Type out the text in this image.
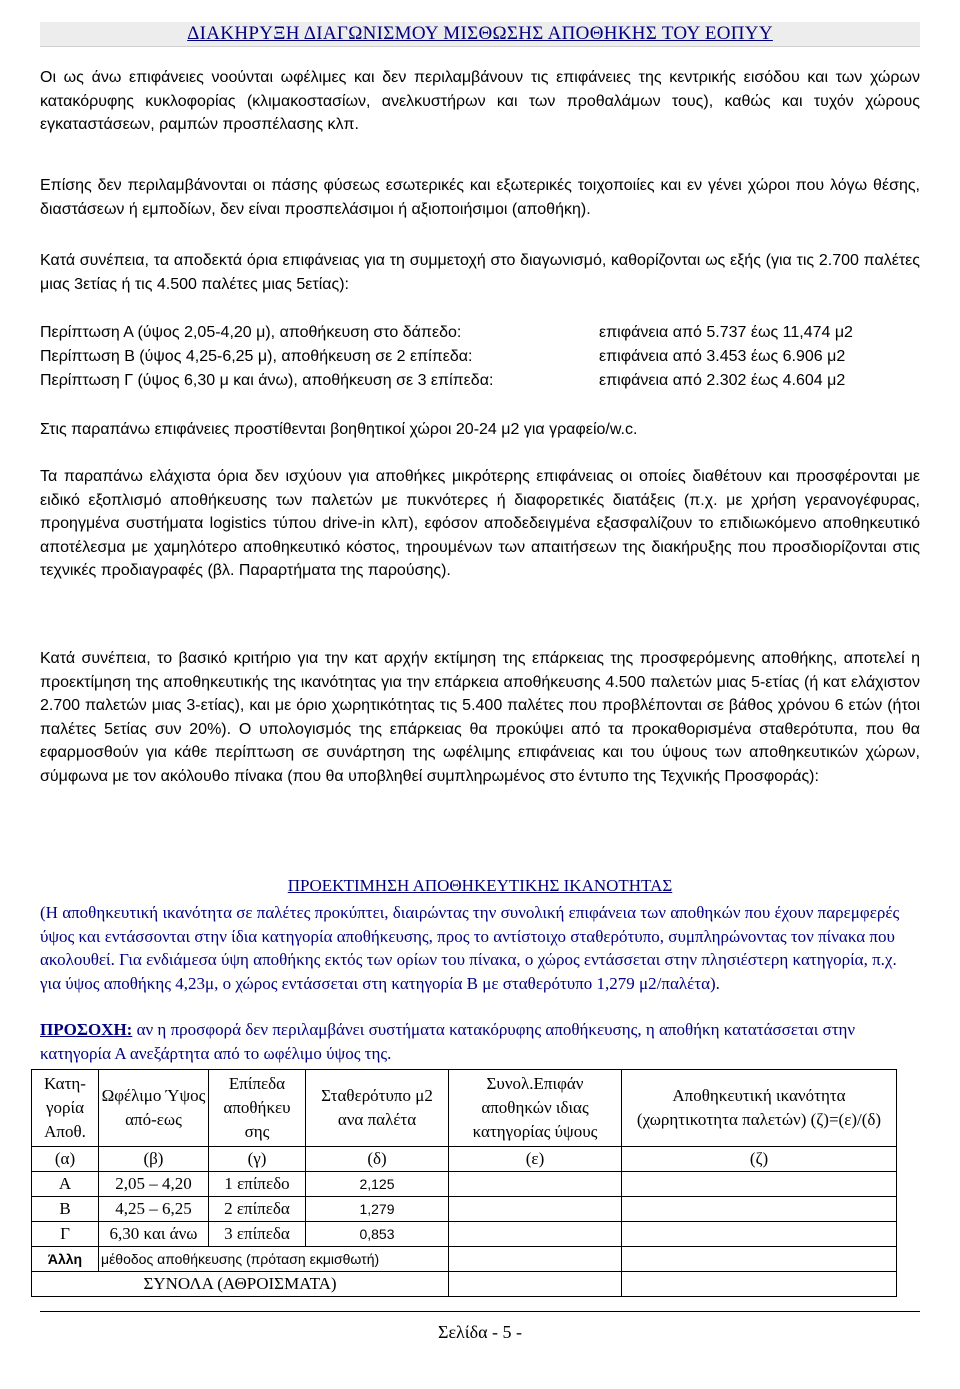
ΔΙΑΚΗΡΥΞΗ ΔΙΑΓΩΝΙΣΜΟΥ ΜΙΣΘΩΣΗΣ ΑΠΟΘΗΚΗΣ ΤΟΥ ΕΟΠΥΥ

Οι ως άνω επιφάνειες νοούνται ωφέλιμες και δεν περιλαμβάνουν τις επιφάνειες της κεντρικής εισόδου και των χώρων κατακόρυφης κυκλοφορίας (κλιμακοστασίων, ανελκυστήρων και των προθαλάμων τους), καθώς και τυχόν χώρους εγκαταστάσεων, ραμπών προσπέλασης κλπ.

Επίσης δεν περιλαμβάνονται οι πάσης φύσεως εσωτερικές και εξωτερικές τοιχοποιίες και εν γένει χώροι που λόγω θέσης, διαστάσεων ή εμποδίων, δεν είναι προσπελάσιμοι ή αξιοποιήσιμοι (αποθήκη).

Κατά συνέπεια, τα αποδεκτά όρια επιφάνειας για τη συμμετοχή στο διαγωνισμό, καθορίζονται ως εξής (για τις 2.700 παλέτες μιας 3ετίας ή τις 4.500 παλέτες μιας 5ετίας):

Περίπτωση Α (ύψος 2,05-4,20 μ), αποθήκευση στο δάπεδο:	επιφάνεια από 5.737 έως 11,474 μ2
Περίπτωση Β (ύψος 4,25-6,25 μ), αποθήκευση σε 2 επίπεδα:	επιφάνεια από 3.453 έως 6.906 μ2
Περίπτωση Γ (ύψος 6,30 μ και άνω), αποθήκευση σε 3 επίπεδα:	επιφάνεια από 2.302 έως 4.604 μ2

Στις παραπάνω επιφάνειες προστίθενται βοηθητικοί χώροι 20-24 μ2 για γραφείο/w.c.

Τα παραπάνω ελάχιστα όρια δεν ισχύουν για αποθήκες μικρότερης επιφάνειας οι οποίες διαθέτουν και προσφέρονται με ειδικό εξοπλισμό αποθήκευσης των παλετών με πυκνότερες ή διαφορετικές διατάξεις (π.χ. με χρήση γερανογέφυρας, προηγμένα συστήματα logistics τύπου drive-in κλπ), εφόσον αποδεδειγμένα εξασφαλίζουν το επιδιωκόμενο αποθηκευτικό αποτέλεσμα με χαμηλότερο αποθηκευτικό κόστος, τηρουμένων των απαιτήσεων της διακήρυξης που προσδιορίζονται στις τεχνικές προδιαγραφές (βλ. Παραρτήματα της παρούσης).

Κατά συνέπεια, το βασικό κριτήριο για την κατ αρχήν εκτίμηση της επάρκειας της προσφερόμενης αποθήκης, αποτελεί η προεκτίμηση της αποθηκευτικής της ικανότητας για την επάρκεια αποθήκευσης 4.500 παλετών μιας 5-ετίας (ή κατ ελάχιστον 2.700 παλετών μιας 3-ετίας), και με όριο χωρητικότητας τις 5.400 παλέτες που προβλέπονται σε βάθος χρόνου 6 ετών (ήτοι παλέτες 5ετίας συν 20%). Ο υπολογισμός της επάρκειας θα προκύψει από τα προκαθορισμένα σταθερότυπα, που θα εφαρμοσθούν για κάθε περίπτωση σε συνάρτηση της ωφέλιμης επιφάνειας και του ύψους των αποθηκευτικών χώρων, σύμφωνα με τον ακόλουθο πίνακα (που θα υποβληθεί συμπληρωμένος στο έντυπο της Τεχνικής Προσφοράς):

ΠΡΟΕΚΤΙΜΗΣΗ ΑΠΟΘΗΚΕΥΤΙΚΗΣ ΙΚΑΝΟΤΗΤΑΣ

(Η αποθηκευτική ικανότητα σε παλέτες προκύπτει, διαιρώντας την συνολική επιφάνεια των αποθηκών που έχουν παρεμφερές ύψος και εντάσσονται στην ίδια κατηγορία αποθήκευσης, προς το αντίστοιχο σταθερότυπο, συμπληρώνοντας τον πίνακα που ακολουθεί. Για ενδιάμεσα ύψη αποθήκης εκτός των ορίων του πίνακα, ο χώρος εντάσσεται στην πλησιέστερη κατηγορία, π.χ. για ύψος αποθήκης 4,23μ, ο χώρος εντάσσεται στη κατηγορία Β με σταθερότυπο 1,279 μ2/παλέτα).

ΠΡΟΣΟΧΗ: αν η προσφορά δεν περιλαμβάνει συστήματα κατακόρυφης αποθήκευσης, η αποθήκη κατατάσσεται στην κατηγορία Α ανεξάρτητα από το ωφέλιμο ύψος της.

Κατη-γορία Αποθ.	Ωφέλιμο Ύψος από-εως	Επίπεδα αποθήκευ σης	Σταθερότυπο μ2 ανα παλέτα	Συνολ.Επιφάν αποθηκών ιδιας κατηγορίας ύψους	Αποθηκευτική ικανότητα (χωρητικοτητα παλετών) (ζ)=(ε)/(δ)
(α)	(β)	(γ)	(δ)	(ε)	(ζ)
Α	2,05 – 4,20	1 επίπεδο	2,125		
Β	4,25 – 6,25	2 επίπεδα	1,279		
Γ	6,30 και άνω	3 επίπεδα	0,853		
Άλλη	μέθοδος αποθήκευσης (πρόταση εκμισθωτή)				
ΣΥΝΟΛΑ (ΑΘΡΟΙΣΜΑΤΑ)					
Σελίδα - 5 -
